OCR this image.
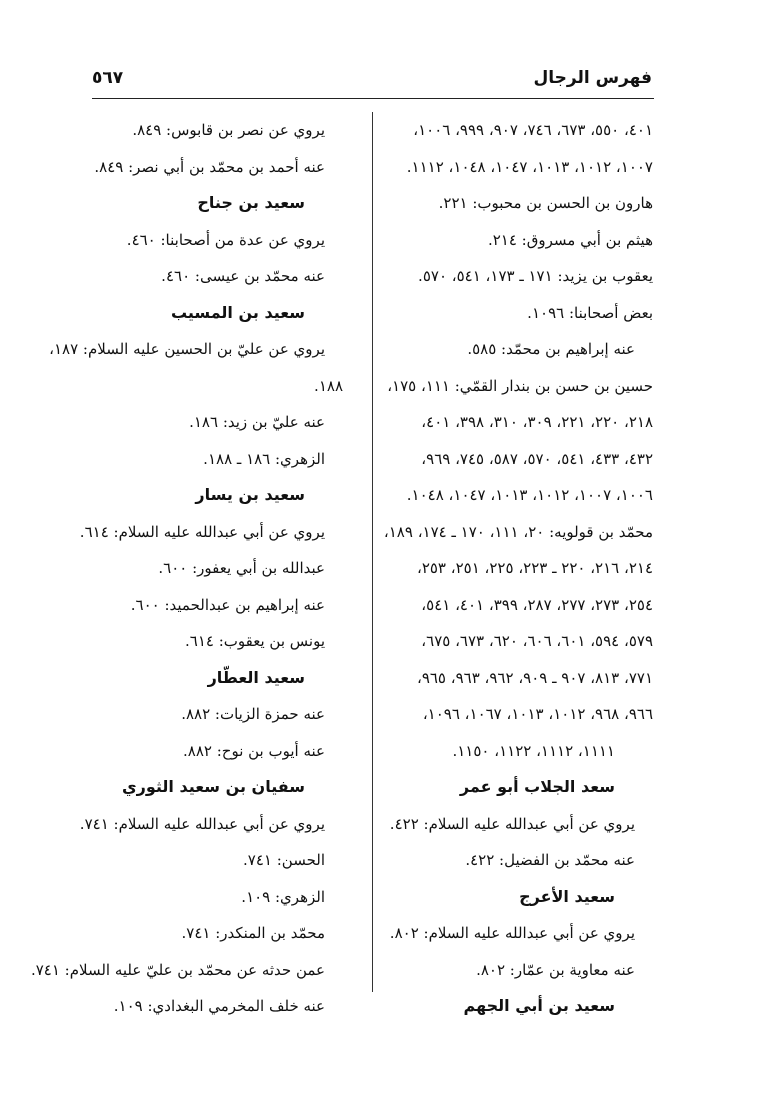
فهرس الرجال
٥٦٧
٤٠١، ٥٥٠، ٦٧٣، ٧٤٦، ٩٠٧، ٩٩٩، ١٠٠٦،
١٠٠٧، ١٠١٢، ١٠١٣، ١٠٤٧، ١٠٤٨، ١١١٢.
هارون بن الحسن بن محبوب: ٢٢١.
هيثم بن أبي مسروق: ٢١٤.
يعقوب بن يزيد: ١٧١ ـ ١٧٣، ٥٤١، ٥٧٠.
بعض أصحابنا: ١٠٩٦.
عنه إبراهيم بن محمّد: ٥٨٥.
حسين بن حسن بن بندار القمّي: ١١١، ١٧٥،
٢١٨، ٢٢٠، ٢٢١، ٣٠٩، ٣١٠، ٣٩٨، ٤٠١،
٤٣٢، ٤٣٣، ٥٤١، ٥٧٠، ٥٨٧، ٧٤٥، ٩٦٩،
١٠٠٦، ١٠٠٧، ١٠١٢، ١٠١٣، ١٠٤٧، ١٠٤٨.
محمّد بن قولويه: ٢٠، ١١١، ١٧٠ ـ ١٧٤، ١٨٩،
٢١٤، ٢١٦، ٢٢٠ ـ ٢٢٣، ٢٢٥، ٢٥١، ٢٥٣،
٢٥٤، ٢٧٣، ٢٧٧، ٢٨٧، ٣٩٩، ٤٠١، ٥٤١،
٥٧٩، ٥٩٤، ٦٠١، ٦٠٦، ٦٢٠، ٦٧٣، ٦٧٥،
٧٧١، ٨١٣، ٩٠٧ ـ ٩٠٩، ٩٦٢، ٩٦٣، ٩٦٥،
٩٦٦، ٩٦٨، ١٠١٢، ١٠١٣، ١٠٦٧، ١٠٩٦،
١١١١، ١١١٢، ١١٢٢، ١١٥٠.
سعد الجلاب أبو عمر
يروي عن أبي عبدالله عليه السلام: ٤٢٢.
عنه محمّد بن الفضيل: ٤٢٢.
سعيد الأعرج
يروي عن أبي عبدالله عليه السلام: ٨٠٢.
عنه معاوية بن عمّار: ٨٠٢.
سعيد بن أبي الجهم
يروي عن نصر بن قابوس: ٨٤٩.
عنه أحمد بن محمّد بن أبي نصر: ٨٤٩.
سعيد بن جناح
يروي عن عدة من أصحابنا: ٤٦٠.
عنه محمّد بن عيسى: ٤٦٠.
سعيد بن المسيب
يروي عن عليّ بن الحسين عليه السلام: ١٨٧،
١٨٨.
عنه عليّ بن زيد: ١٨٦.
الزهري: ١٨٦ ـ ١٨٨.
سعيد بن يسار
يروي عن أبي عبدالله عليه السلام: ٦١٤.
عبدالله بن أبي يعفور: ٦٠٠.
عنه إبراهيم بن عبدالحميد: ٦٠٠.
يونس بن يعقوب: ٦١٤.
سعيد العطّار
عنه حمزة الزيات: ٨٨٢.
عنه أيوب بن نوح: ٨٨٢.
سفيان بن سعيد الثوري
يروي عن أبي عبدالله عليه السلام: ٧٤١.
الحسن: ٧٤١.
الزهري: ١٠٩.
محمّد بن المنكدر: ٧٤١.
عمن حدثه عن محمّد بن عليّ عليه السلام: ٧٤١.
عنه خلف المخرمي البغدادي: ١٠٩.
